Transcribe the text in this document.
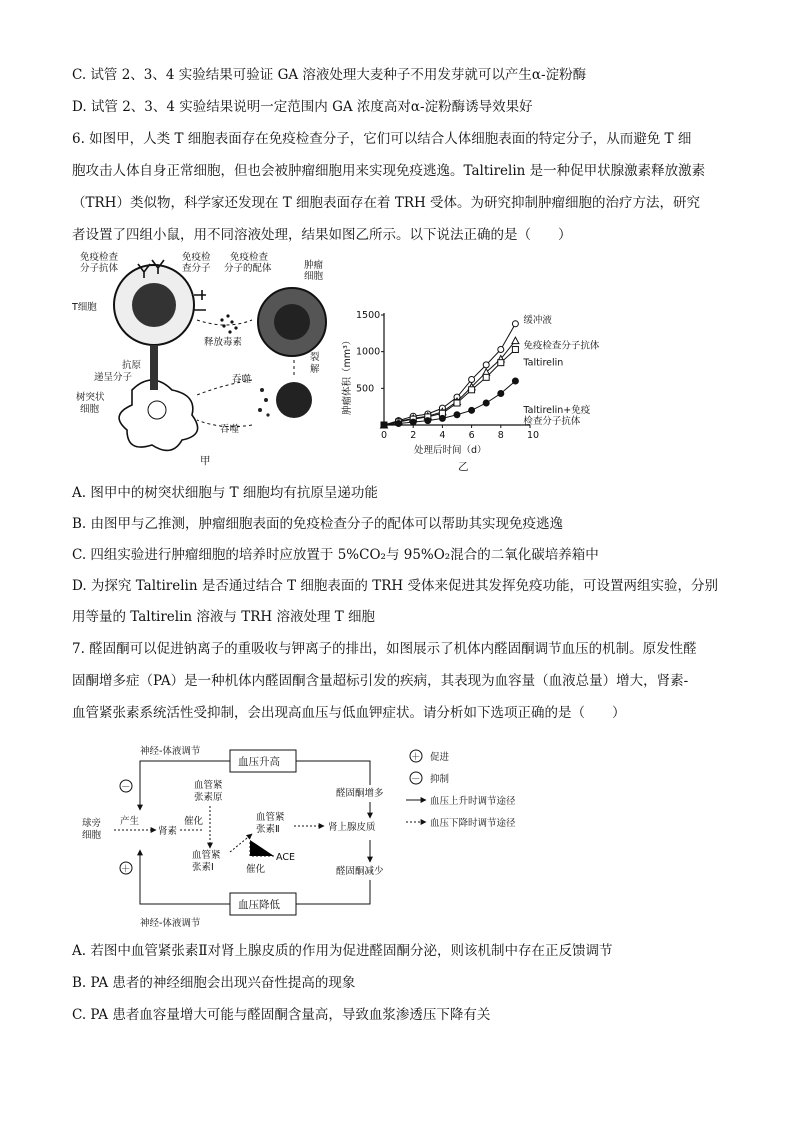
C. 试管 2、3、4 实验结果可验证 GA 溶液处理大麦种子不用发芽就可以产生α-淀粉酶
D. 试管 2、3、4 实验结果说明一定范围内 GA 浓度高对α-淀粉酶诱导效果好
6. 如图甲，人类 T 细胞表面存在免疫检查分子，它们可以结合人体细胞表面的特定分子，从而避免 T 细
胞攻击人体自身正常细胞，但也会被肿瘤细胞用来实现免疫逃逸。Taltirelin 是一种促甲状腺激素释放激素
（TRH）类似物，科学家还发现在 T 细胞表面存在着 TRH 受体。为研究抑制肿瘤细胞的治疗方法，研究
者设置了四组小鼠，用不同溶液处理，结果如图乙所示。以下说法正确的是（　　）
免疫检查分子抗体
免疫检查分子
免疫检查分子的配体	肿瘤细胞
T细胞
释放毒素
裂解
抗原递呈分子	吞噬
吞噬
树突状细胞
甲
0 2 4 6 8 10
500
1000
1500	缓冲液
免疫检查分子抗体
Taltirelin
Taltirelin+免疫检查分子抗体
处理后时间（d）
肿瘤体积（mm³）
乙
A. 图甲中的树突状细胞与 T 细胞均有抗原呈递功能
B. 由图甲与乙推测，肿瘤细胞表面的免疫检查分子的配体可以帮助其实现免疫逃逸
C. 四组实验进行肿瘤细胞的培养时应放置于 5%CO₂与 95%O₂混合的二氧化碳培养箱中
D. 为探究 Taltirelin 是否通过结合 T 细胞表面的 TRH 受体来促进其发挥免疫功能，可设置两组实验，分别
用等量的 Taltirelin 溶液与 TRH 溶液处理 T 细胞
7. 醛固酮可以促进钠离子的重吸收与钾离子的排出，如图展示了机体内醛固酮调节血压的机制。原发性醛
固酮增多症（PA）是一种机体内醛固酮含量超标引发的疾病，其表现为血容量（血液总量）增大，肾素-
血管紧张素系统活性受抑制，会出现高血压与低血钾症状。请分析如下选项正确的是（　　）
血压升高
血压降低
神经-体液调节
神经-体液调节
－
＋
球旁细胞
产生
肾素
血管紧张素原
催化
血管紧张素Ⅰ
血管紧张素Ⅱ	肾上腺皮质
ACE
催化
醛固酮增多
醛固酮减少
＋ 促进
－ 抑制
血压上升时调节途径
血压下降时调节途径
A. 若图中血管紧张素Ⅱ对肾上腺皮质的作用为促进醛固酮分泌，则该机制中存在正反馈调节
B. PA 患者的神经细胞会出现兴奋性提高的现象
C. PA 患者血容量增大可能与醛固酮含量高，导致血浆渗透压下降有关
